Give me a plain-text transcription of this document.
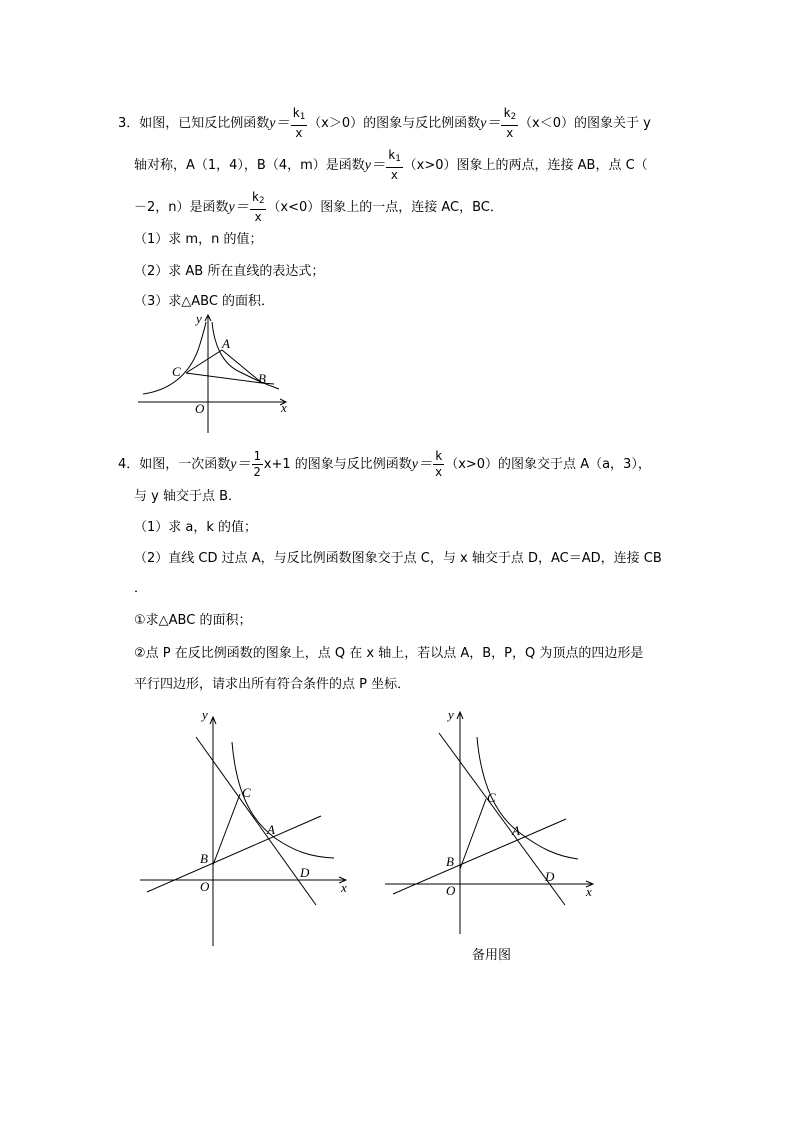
3．如图，已知反比例函数$y= \frac{k_1}{x} (x>0)$的图象与反比例函数$y= \frac{k_2}{x} (x<0)$的图象关于 y
轴对称，A（1，4），B（4，m）是函数$y= \frac{k_1}{x} (x>0)$图象上的两点，连接 AB，点 C（
－2，n）是函数$y= \frac{k_2}{x} (x<0)$图象上的一点，连接 AC，BC．
（1）求 m，n 的值；
（2）求 AB 所在直线的表达式；
（3）求△ABC 的面积．
y
x
O
A
B
C
4．如图，一次函数$y= \frac{1}{2} x+1$ 的图象与反比例函数$y= \frac{k}{x} (x>0)$的图象交于点 A（a，3），
与 y 轴交于点 B．
（1）求 a，k 的值；
（2）直线 CD 过点 A，与反比例函数图象交于点 C，与 x 轴交于点 D，AC＝AD，连接 CB
．
①求△ABC 的面积；
②点 P 在反比例函数的图象上，点 Q 在 x 轴上，若以点 A，B，P，Q 为顶点的四边形是
平行四边形，请求出所有符合条件的点 P 坐标．
y
x
O
A
B
C
D
y
x
O
A
B
C
D
备用图
